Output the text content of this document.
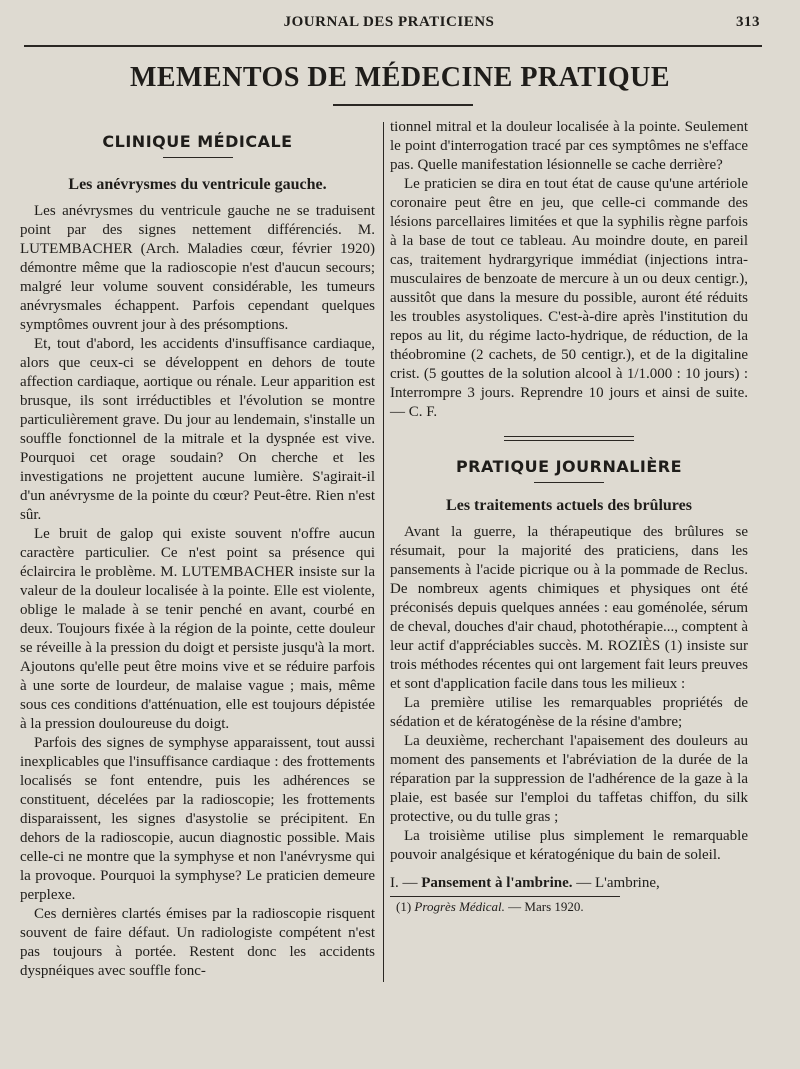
JOURNAL DES PRATICIENS	313
MEMENTOS DE MÉDECINE PRATIQUE
CLINIQUE MÉDICALE
Les anévrysmes du ventricule gauche.

Les anévrysmes du ventricule gauche ne se traduisent point par des signes nettement différenciés. M. LUTEMBACHER (Arch. Maladies cœur, février 1920) démontre même que la radioscopie n'est d'aucun secours; malgré leur volume souvent considérable, les tumeurs anévrysmales échappent. Parfois cependant quelques symptômes ouvrent jour à des présomptions.

Et, tout d'abord, les accidents d'insuffisance cardiaque, alors que ceux-ci se développent en dehors de toute affection cardiaque, aortique ou rénale. Leur apparition est brusque, ils sont irréductibles et l'évolution se montre particulièrement grave. Du jour au lendemain, s'installe un souffle fonctionnel de la mitrale et la dyspnée est vive. Pourquoi cet orage soudain? On cherche et les investigations ne projettent aucune lumière. S'agirait-il d'un anévrysme de la pointe du cœur? Peut-être. Rien n'est sûr.

Le bruit de galop qui existe souvent n'offre aucun caractère particulier. Ce n'est point sa présence qui éclaircira le problème. M. LUTEMBACHER insiste sur la valeur de la douleur localisée à la pointe. Elle est violente, oblige le malade à se tenir penché en avant, courbé en deux. Toujours fixée à la région de la pointe, cette douleur se réveille à la pression du doigt et persiste jusqu'à la mort. Ajoutons qu'elle peut être moins vive et se réduire parfois à une sorte de lourdeur, de malaise vague ; mais, même sous ces conditions d'atténuation, elle est toujours dépistée à la pression douloureuse du doigt.

Parfois des signes de symphyse apparaissent, tout aussi inexplicables que l'insuffisance cardiaque : des frottements localisés se font entendre, puis les adhérences se constituent, décelées par la radioscopie; les frottements disparaissent, les signes d'asystolie se précipitent. En dehors de la radioscopie, aucun diagnostic possible. Mais celle-ci ne montre que la symphyse et non l'anévrysme qui la provoque. Pourquoi la symphyse? Le praticien demeure perplexe.

Ces dernières clartés émises par la radioscopie risquent souvent de faire défaut. Un radiologiste compétent n'est pas toujours à portée. Restent donc les accidents dyspnéiques avec souffle fonc-

tionnel mitral et la douleur localisée à la pointe. Seulement le point d'interrogation tracé par ces symptômes ne s'efface pas. Quelle manifestation lésionnelle se cache derrière?

Le praticien se dira en tout état de cause qu'une artériole coronaire peut être en jeu, que celle-ci commande des lésions parcellaires limitées et que la syphilis règne parfois à la base de tout ce tableau. Au moindre doute, en pareil cas, traitement hydrargyrique immédiat (injections intra-musculaires de benzoate de mercure à un ou deux centigr.), aussitôt que dans la mesure du possible, auront été réduits les troubles asystoliques. C'est-à-dire après l'institution du repos au lit, du régime lacto-hydrique, de réduction, de la théobromine (2 cachets, de 50 centigr.), et de la digitaline crist. (5 gouttes de la solution alcool à 1/1.000 : 10 jours) : Interrompre 3 jours. Reprendre 10 jours et ainsi de suite. — C. F.

PRATIQUE JOURNALIÈRE
Les traitements actuels des brûlures

Avant la guerre, la thérapeutique des brûlures se résumait, pour la majorité des praticiens, dans les pansements à l'acide picrique ou à la pommade de Reclus. De nombreux agents chimiques et physiques ont été préconisés depuis quelques années : eau goménolée, sérum de cheval, douches d'air chaud, photothérapie..., comptent à leur actif d'appréciables succès. M. ROZIÈS (1) insiste sur trois méthodes récentes qui ont largement fait leurs preuves et sont d'application facile dans tous les milieux :

La première utilise les remarquables propriétés de sédation et de kératogénèse de la résine d'ambre;

La deuxième, recherchant l'apaisement des douleurs au moment des pansements et l'abréviation de la durée de la réparation par la suppression de l'adhérence de la gaze à la plaie, est basée sur l'emploi du taffetas chiffon, du silk protective, ou du tulle gras ;

La troisième utilise plus simplement le remarquable pouvoir analgésique et kératogénique du bain de soleil.

I. — Pansement à l'ambrine. — L'ambrine,
(1) Progrès Médical. — Mars 1920.
